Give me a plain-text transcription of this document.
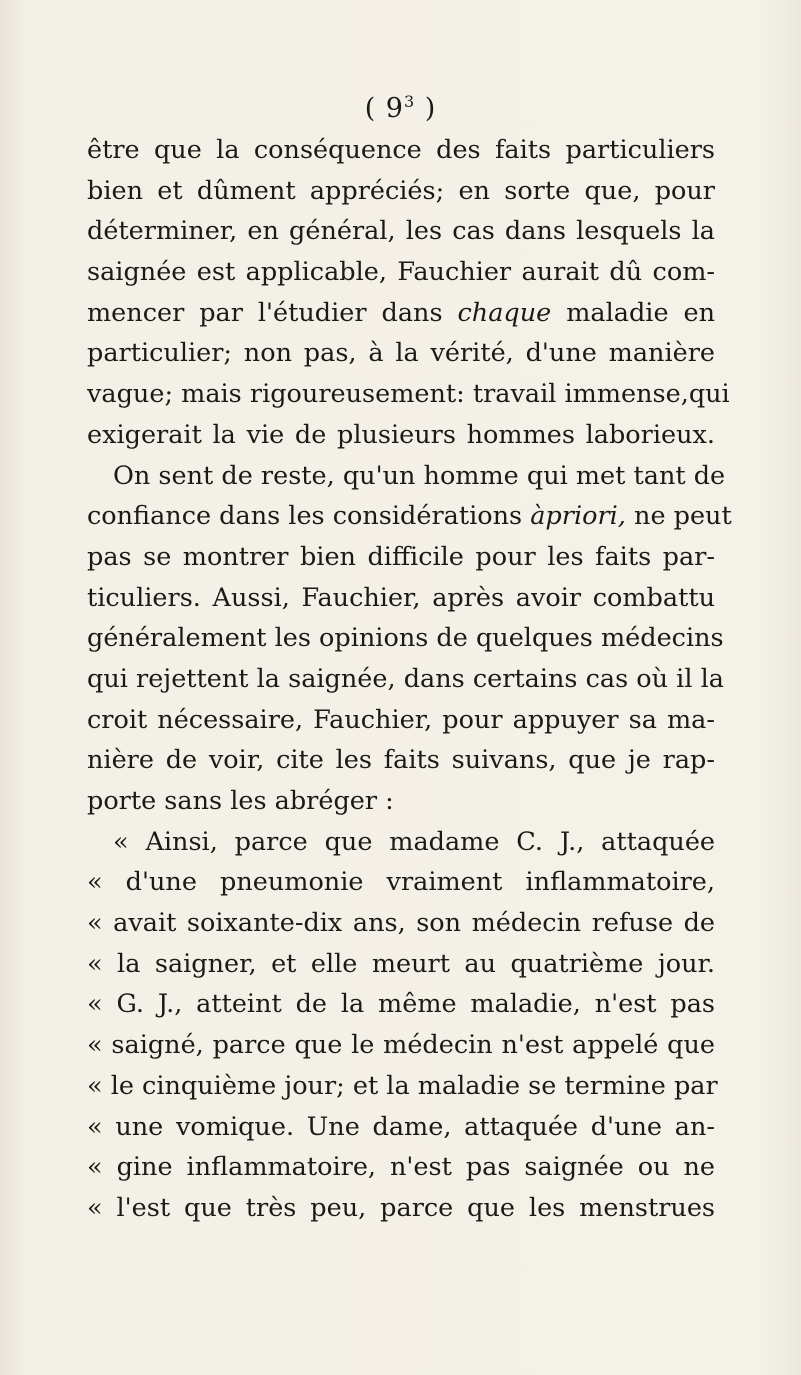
( $9^3$ )
être que la conséquence des faits particuliers
bien et dûment appréciés; en sorte que, pour
déterminer, en général, les cas dans lesquels la
saignée est applicable, Fauchier aurait dû com-
mencer par l'étudier dans chaque maladie en
particulier; non pas, à la vérité, d'une manière
vague; mais rigoureusement: travail immense,qui
exigerait la vie de plusieurs hommes laborieux.
On sent de reste, qu'un homme qui met tant de
confiance dans les considérations àpriori, ne peut
pas se montrer bien difficile pour les faits par-
ticuliers. Aussi, Fauchier, après avoir combattu
généralement les opinions de quelques médecins
qui rejettent la saignée, dans certains cas où il la
croit nécessaire, Fauchier, pour appuyer sa ma-
nière de voir, cite les faits suivans, que je rap-
porte sans les abréger :
« Ainsi, parce que madame C. J., attaquée
« d'une pneumonie vraiment inflammatoire,
« avait soixante-dix ans, son médecin refuse de
« la saigner, et elle meurt au quatrième jour.
« G. J., atteint de la même maladie, n'est pas
« saigné, parce que le médecin n'est appelé que
« le cinquième jour; et la maladie se termine par
« une vomique. Une dame, attaquée d'une an-
« gine inflammatoire, n'est pas saignée ou ne
« l'est que très peu, parce que les menstrues
